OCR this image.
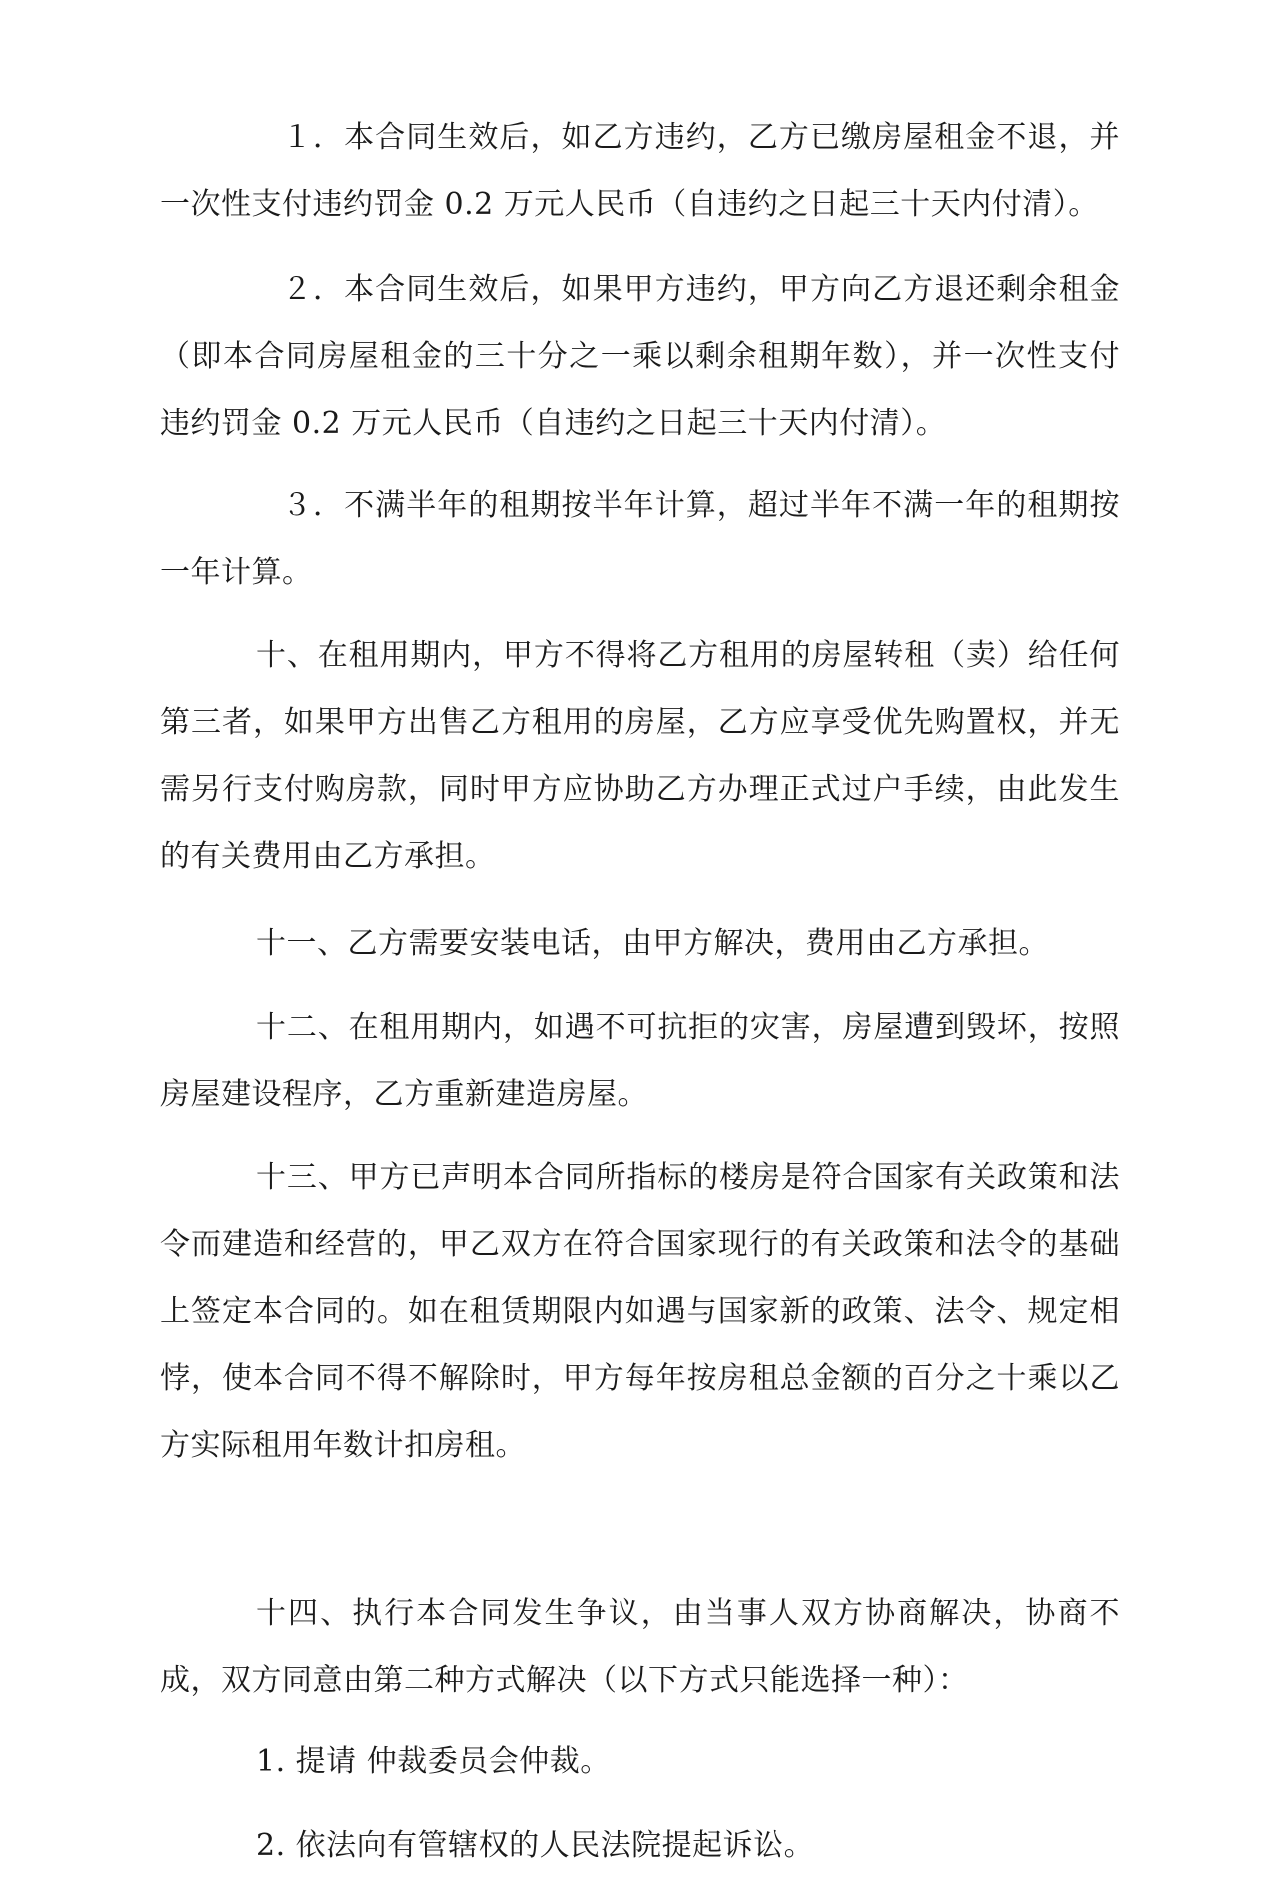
１．本合同生效后，如乙方违约，乙方已缴房屋租金不退，并一次性支付违约罚金 0.2 万元人民币（自违约之日起三十天内付清）。

２．本合同生效后，如果甲方违约，甲方向乙方退还剩余租金（即本合同房屋租金的三十分之一乘以剩余租期年数），并一次性支付违约罚金 0.2 万元人民币（自违约之日起三十天内付清）。

３．不满半年的租期按半年计算，超过半年不满一年的租期按一年计算。

十、在租用期内，甲方不得将乙方租用的房屋转租（卖）给任何第三者，如果甲方出售乙方租用的房屋，乙方应享受优先购置权，并无需另行支付购房款，同时甲方应协助乙方办理正式过户手续，由此发生的有关费用由乙方承担。

十一、乙方需要安装电话，由甲方解决，费用由乙方承担。

十二、在租用期内，如遇不可抗拒的灾害，房屋遭到毁坏，按照房屋建设程序，乙方重新建造房屋。

十三、甲方已声明本合同所指标的楼房是符合国家有关政策和法令而建造和经营的，甲乙双方在符合国家现行的有关政策和法令的基础上签定本合同的。如在租赁期限内如遇与国家新的政策、法令、规定相悖，使本合同不得不解除时，甲方每年按房租总金额的百分之十乘以乙方实际租用年数计扣房租。

十四、执行本合同发生争议，由当事人双方协商解决，协商不成，双方同意由第二种方式解决（以下方式只能选择一种）：

1. 提请 仲裁委员会仲裁。

2. 依法向有管辖权的人民法院提起诉讼。
